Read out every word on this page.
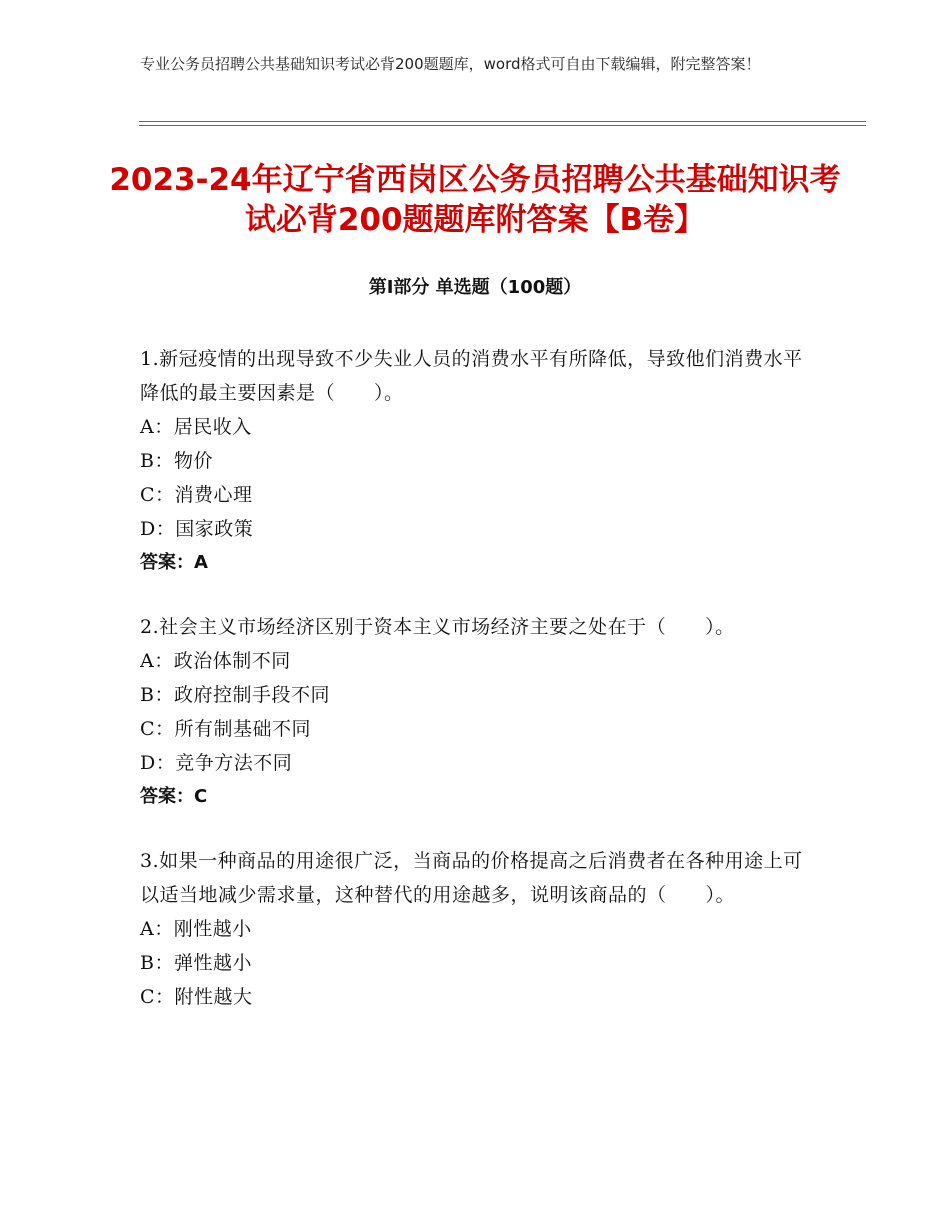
专业公务员招聘公共基础知识考试必背200题题库，word格式可自由下载编辑，附完整答案！
2023-24年辽宁省西岗区公务员招聘公共基础知识考试必背200题题库附答案【B卷】
第Ⅰ部分 单选题（100题）
1.新冠疫情的出现导致不少失业人员的消费水平有所降低，导致他们消费水平降低的最主要因素是（　　）。
A：居民收入
B：物价
C：消费心理
D：国家政策
答案：A
2.社会主义市场经济区别于资本主义市场经济主要之处在于（　　）。
A：政治体制不同
B：政府控制手段不同
C：所有制基础不同
D：竞争方法不同
答案：C
3.如果一种商品的用途很广泛，当商品的价格提高之后消费者在各种用途上可以适当地减少需求量，这种替代的用途越多，说明该商品的（　　）。
A：刚性越小
B：弹性越小
C：附性越大
